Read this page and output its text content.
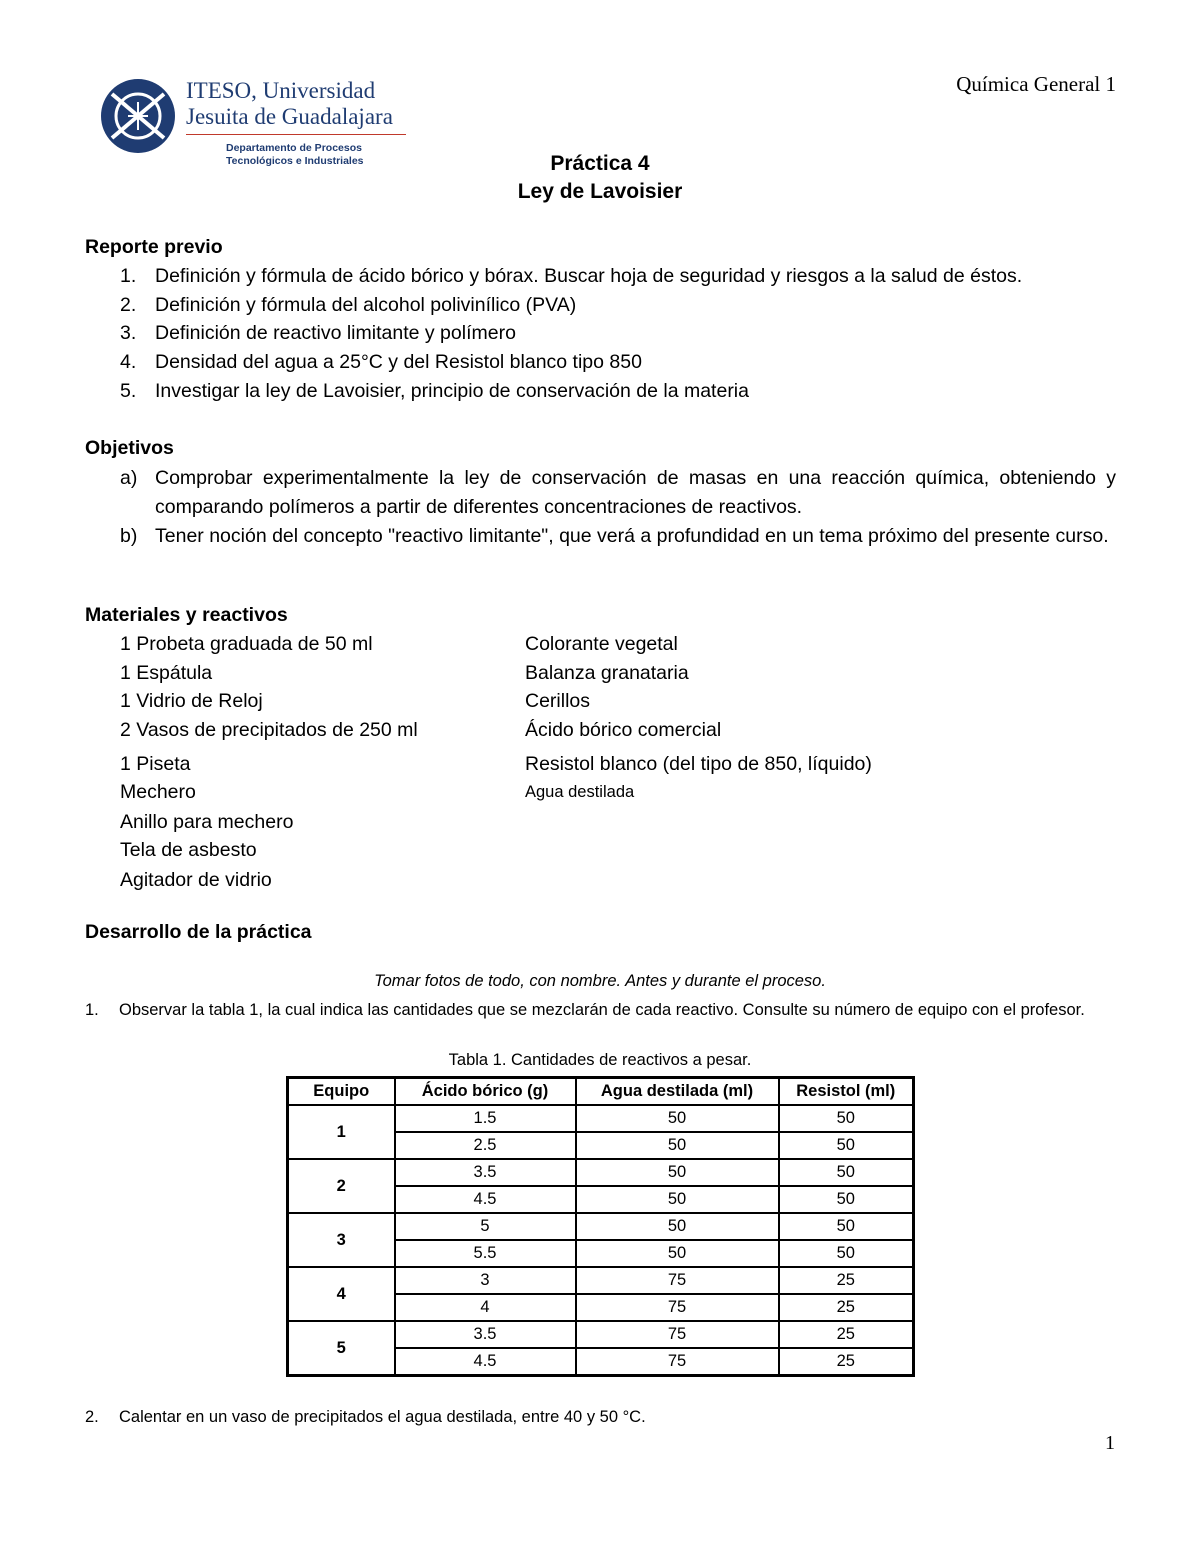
ITESO, Universidad
Jesuita de Guadalajara
Departamento de Procesos
Tecnológicos e Industriales
Química General 1
Práctica 4
Ley de Lavoisier
Reporte previo
1. Definición y fórmula de ácido bórico y bórax. Buscar hoja de seguridad y riesgos a la salud de éstos.
2. Definición y fórmula del alcohol polivinílico (PVA)
3. Definición de reactivo limitante y polímero
4. Densidad del agua a 25°C y del Resistol blanco tipo 850
5. Investigar la ley de Lavoisier, principio de conservación de la materia
Objetivos
a) Comprobar experimentalmente la ley de conservación de masas en una reacción química, obteniendo y comparando polímeros a partir de diferentes concentraciones de reactivos.
b) Tener noción del concepto "reactivo limitante", que verá a profundidad en un tema próximo del presente curso.
Materiales y reactivos
1 Probeta graduada de 50 ml
1 Espátula
1 Vidrio de Reloj
2 Vasos de precipitados de 250 ml
1 Piseta
Mechero
Anillo para mechero
Tela de asbesto
Agitador de vidrio
Colorante vegetal
Balanza granataria
Cerillos
Ácido bórico comercial
Resistol blanco (del tipo de 850, líquido)
Agua destilada
Desarrollo de la práctica
Tomar fotos de todo, con nombre. Antes y durante el proceso.
1. Observar la tabla 1, la cual indica las cantidades que se mezclarán de cada reactivo. Consulte su número de equipo con el profesor.
Tabla 1. Cantidades de reactivos a pesar.
Equipo	Ácido bórico (g)	Agua destilada (ml)	Resistol (ml)
1	1.5	50	50
	2.5	50	50
2	3.5	50	50
	4.5	50	50
3	5	50	50
	5.5	50	50
4	3	75	25
	4	75	25
5	3.5	75	25
	4.5	75	25
2. Calentar en un vaso de precipitados el agua destilada, entre 40 y 50 °C.
1
